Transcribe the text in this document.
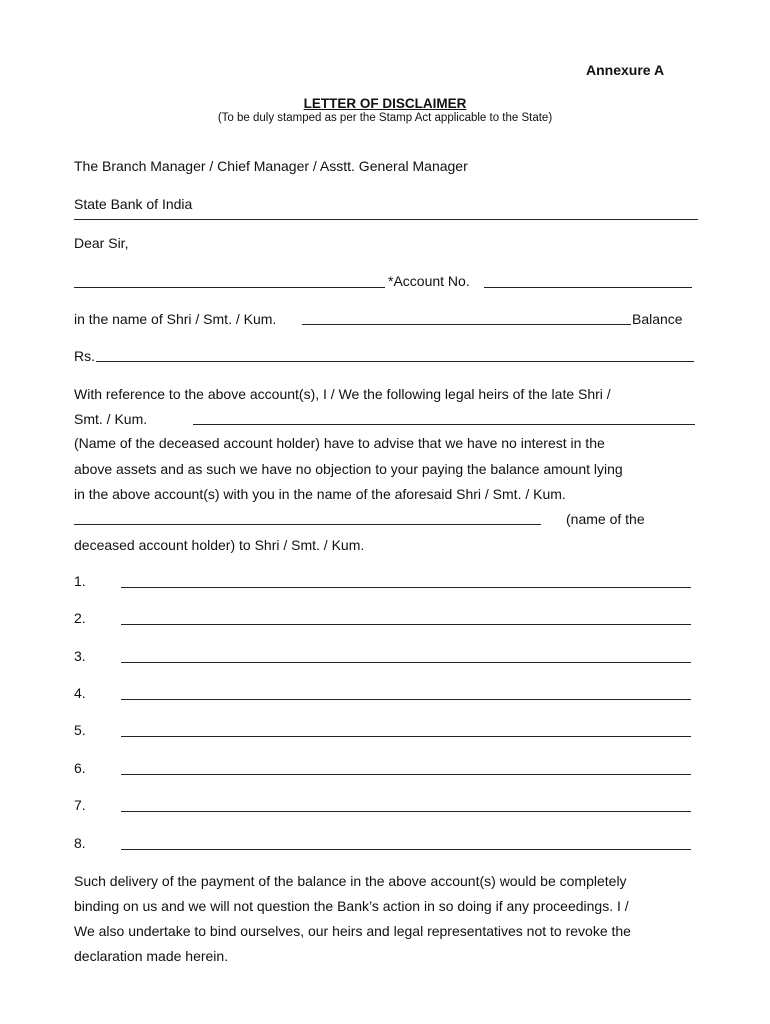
Annexure A
LETTER OF DISCLAIMER
(To be duly stamped as per the Stamp Act applicable to the State)
The Branch Manager / Chief Manager / Asstt. General Manager
State Bank of India
Dear Sir,
*Account No.
in the name of Shri / Smt. / Kum.	Balance
Rs.
With reference to the above account(s), I / We the following legal heirs of the late Shri /
Smt. / Kum.
(Name of the deceased account holder) have to advise that we have no interest in the
above assets and as such we have no objection to your paying the balance amount lying
in the above account(s) with you in the name of the aforesaid Shri / Smt. / Kum.
(name of the
deceased account holder) to Shri / Smt. / Kum.
1.
2.
3.
4.
5.
6.
7.
8.
Such delivery of the payment of the balance in the above account(s) would be completely
binding on us and we will not question the Bank’s action in so doing if any proceedings. I /
We also undertake to bind ourselves, our heirs and legal representatives not to revoke the
declaration made herein.
